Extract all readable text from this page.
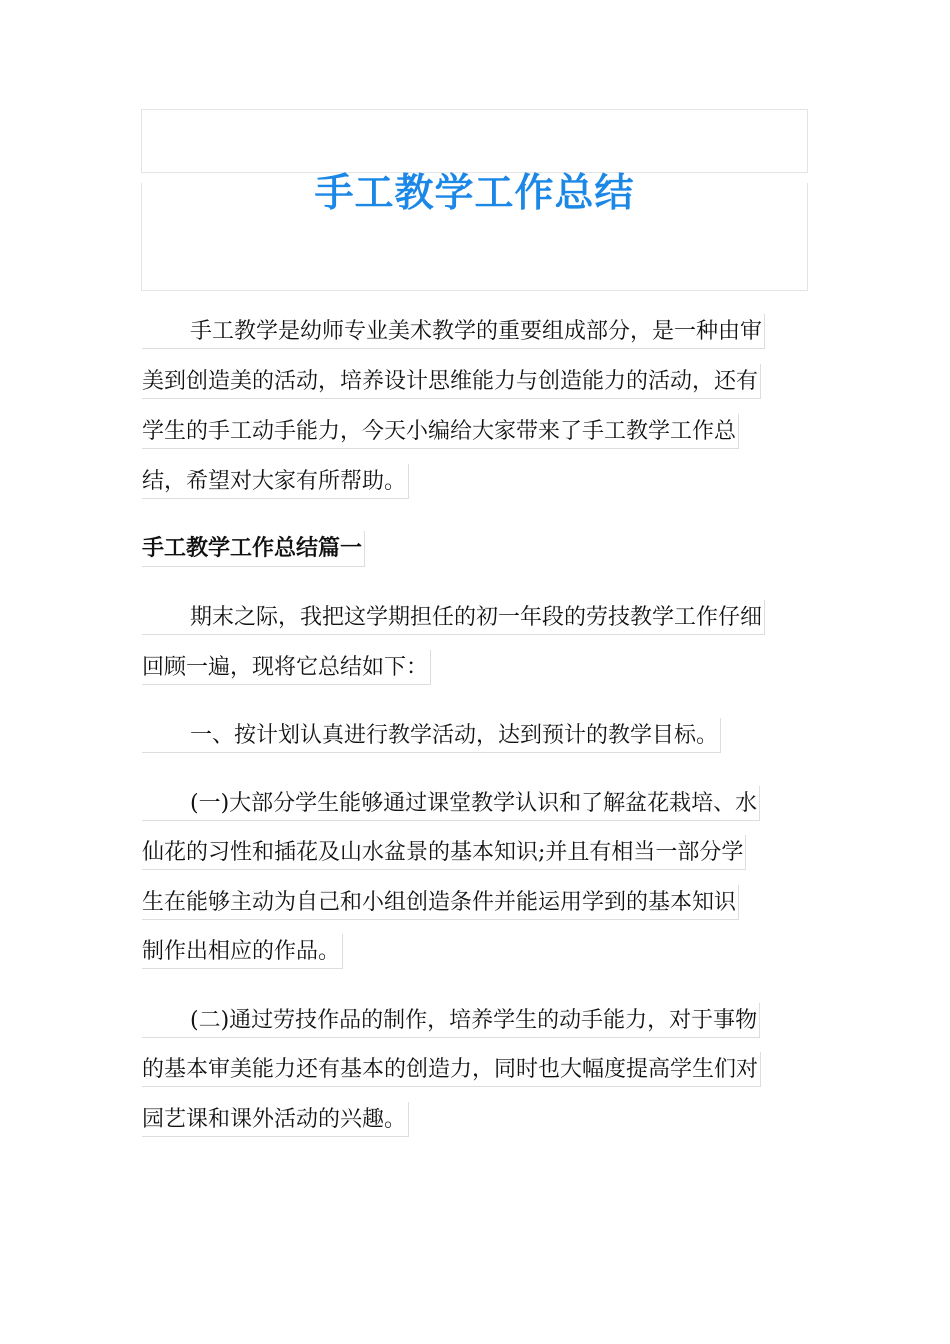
手工教学工作总结
手工教学是幼师专业美术教学的重要组成部分，是一种由审
美到创造美的活动，培养设计思维能力与创造能力的活动，还有
学生的手工动手能力，今天小编给大家带来了手工教学工作总
结，希望对大家有所帮助。
手工教学工作总结篇一
期末之际，我把这学期担任的初一年段的劳技教学工作仔细
回顾一遍，现将它总结如下：
一、按计划认真进行教学活动，达到预计的教学目标。
(一)大部分学生能够通过课堂教学认识和了解盆花栽培、水
仙花的习性和插花及山水盆景的基本知识;并且有相当一部分学
生在能够主动为自己和小组创造条件并能运用学到的基本知识
制作出相应的作品。
(二)通过劳技作品的制作，培养学生的动手能力，对于事物
的基本审美能力还有基本的创造力，同时也大幅度提高学生们对
园艺课和课外活动的兴趣。
